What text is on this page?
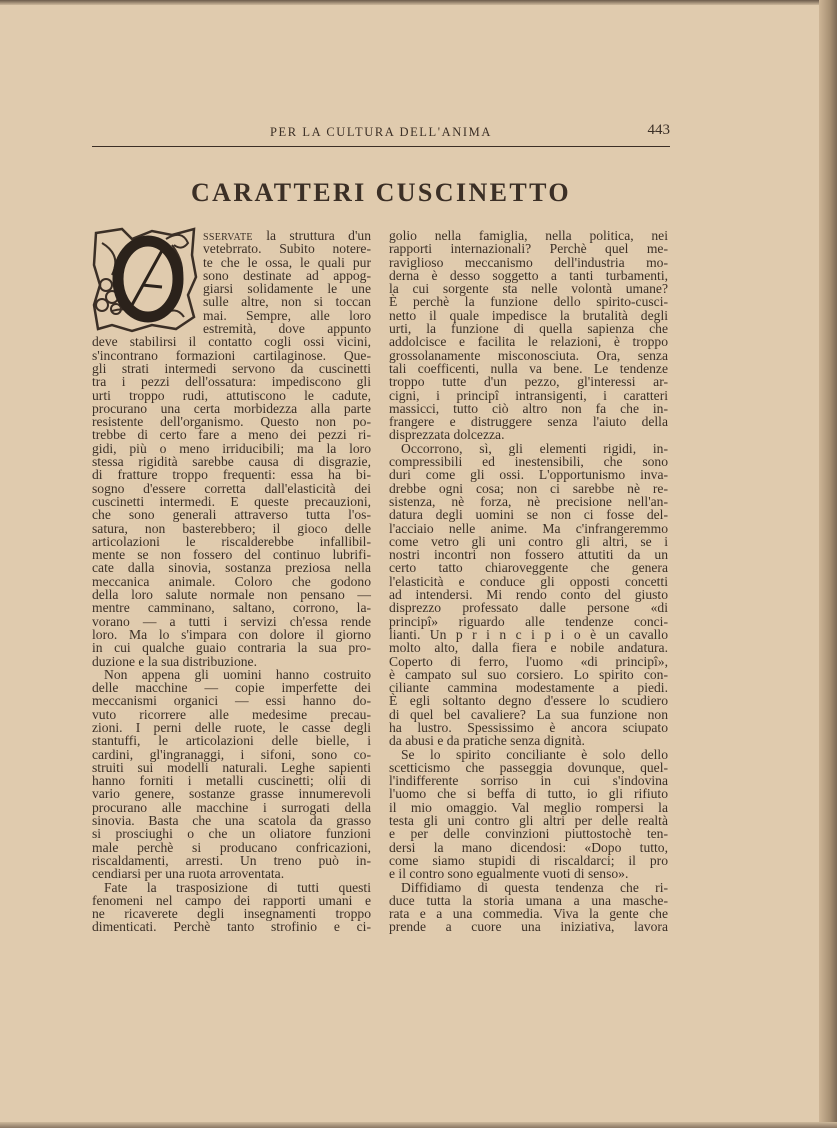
PER LA CULTURA DELL'ANIMA	443
CARATTERI CUSCINETTO
sservate la struttura d'un
vetebrrato. Subito notere-
te che le ossa, le quali pur
sono destinate ad appog-
giarsi solidamente le une
sulle altre, non si toccan
mai. Sempre, alle loro
estremità, dove appunto
deve stabilirsi il contatto cogli ossi vicini,
s'incontrano formazioni cartilaginose. Que-
gli strati intermedi servono da cuscinetti
tra i pezzi dell'ossatura: impediscono gli
urti troppo rudi, attutiscono le cadute,
procurano una certa morbidezza alla parte
resistente dell'organismo. Questo non po-
trebbe di certo fare a meno dei pezzi ri-
gidi, più o meno irriducibili; ma la loro
stessa rigidità sarebbe causa di disgrazie,
di fratture troppo frequenti: essa ha bi-
sogno d'essere corretta dall'elasticità dei
cuscinetti intermedi. E queste precauzioni,
che sono generali attraverso tutta l'os-
satura, non basterebbero; il gioco delle
articolazioni le riscalderebbe infallibil-
mente se non fossero del continuo lubrifi-
cate dalla sinovia, sostanza preziosa nella
meccanica animale. Coloro che godono
della loro salute normale non pensano —
mentre camminano, saltano, corrono, la-
vorano — a tutti i servizi ch'essa rende
loro. Ma lo s'impara con dolore il giorno
in cui qualche guaio contraria la sua pro-
duzione e la sua distribuzione.
Non appena gli uomini hanno costruito
delle macchine — copie imperfette dei
meccanismi organici — essi hanno do-
vuto ricorrere alle medesime precau-
zioni. I perni delle ruote, le casse degli
stantuffi, le articolazioni delle bielle, i
cardini, gl'ingranaggi, i sifoni, sono co-
struiti sui modelli naturali. Leghe sapienti
hanno forniti i metalli cuscinetti; olii di
vario genere, sostanze grasse innumerevoli
procurano alle macchine i surrogati della
sinovia. Basta che una scatola da grasso
si prosciughi o che un oliatore funzioni
male perchè si producano confricazioni,
riscaldamenti, arresti. Un treno può in-
cendiarsi per una ruota arroventata.
Fate la trasposizione di tutti questi
fenomeni nel campo dei rapporti umani e
ne ricaverete degli insegnamenti troppo
dimenticati. Perchè tanto strofinio e ci-
golio nella famiglia, nella politica, nei
rapporti internazionali? Perchè quel me-
raviglioso meccanismo dell'industria mo-
derna è desso soggetto a tanti turbamenti,
la cui sorgente sta nelle volontà umane?
È perchè la funzione dello spirito-cusci-
netto il quale impedisce la brutalità degli
urti, la funzione di quella sapienza che
addolcisce e facilita le relazioni, è troppo
grossolanamente misconosciuta. Ora, senza
tali coefficenti, nulla va bene. Le tendenze
troppo tutte d'un pezzo, gl'interessi ar-
cigni, i principî intransigenti, i caratteri
massicci, tutto ciò altro non fa che in-
frangere e distruggere senza l'aiuto della
disprezzata dolcezza.
Occorrono, sì, gli elementi rigidi, in-
compressibili ed inestensibili, che sono
duri come gli ossi. L'opportunismo inva-
drebbe ogni cosa; non ci sarebbe nè re-
sistenza, nè forza, nè precisione nell'an-
datura degli uomini se non ci fosse del-
l'acciaio nelle anime. Ma c'infrangeremmo
come vetro gli uni contro gli altri, se i
nostri incontri non fossero attutiti da un
certo tatto chiaroveggente che genera
l'elasticità e conduce gli opposti concetti
ad intendersi. Mi rendo conto del giusto
disprezzo professato dalle persone «di
principî» riguardo alle tendenze conci-
lianti. Un p r i n c i p i o è un cavallo
molto alto, dalla fiera e nobile andatura.
Coperto di ferro, l'uomo «di principî»,
è campato sul suo corsiero. Lo spirito con-
ciliante cammina modestamente a piedi.
È egli soltanto degno d'essere lo scudiero
di quel bel cavaliere? La sua funzione non
ha lustro. Spessissimo è ancora sciupato
da abusi e da pratiche senza dignità.
Se lo spirito conciliante è solo dello
scetticismo che passeggia dovunque, quel-
l'indifferente sorriso in cui s'indovina
l'uomo che si beffa di tutto, io gli rifiuto
il mio omaggio. Val meglio rompersi la
testa gli uni contro gli altri per delle realtà
e per delle convinzioni piuttostochè ten-
dersi la mano dicendosi: «Dopo tutto,
come siamo stupidi di riscaldarci; il pro
e il contro sono egualmente vuoti di senso».
Diffidiamo di questa tendenza che ri-
duce tutta la storia umana a una masche-
rata e a una commedia. Viva la gente che
prende a cuore una iniziativa, lavora
